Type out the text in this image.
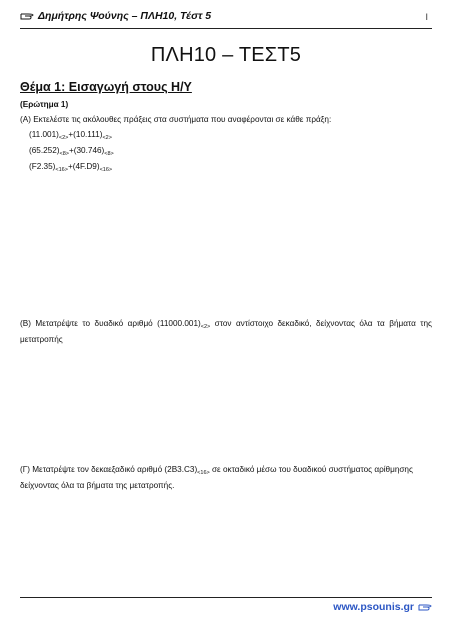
Δημήτρης Ψούνης – ΠΛΗ10, Τέστ 5	I
ΠΛΗ10 – ΤΕΣΤ5
Θέμα 1: Εισαγωγή στους Η/Υ
(Ερώτημα 1)
(Α) Εκτελέστε τις ακόλουθες πράξεις στα συστήματα που αναφέρονται σε κάθε πράξη:
$(11.001)_{<2>}+(10.111)_{<2>}$
$(65.252)_{<8>}+(30.746)_{<8>}$
$(F2.35)_{<16>}+(4F.D9)_{<16>}$
(Β) Μετατρέψτε το δυαδικό αριθμό $(11000.001)_{<2>}$ στον αντίστοιχο δεκαδικό, δείχνοντας όλα τα βήματα της μετατροπής
(Γ) Μετατρέψτε τον δεκαεξαδικό αριθμό $(2B3.C3)_{<16>}$ σε οκταδικό μέσω του δυαδικού συστήματος αρίθμησης δείχνοντας όλα τα βήματα της μετατροπής.
www.psounis.gr
